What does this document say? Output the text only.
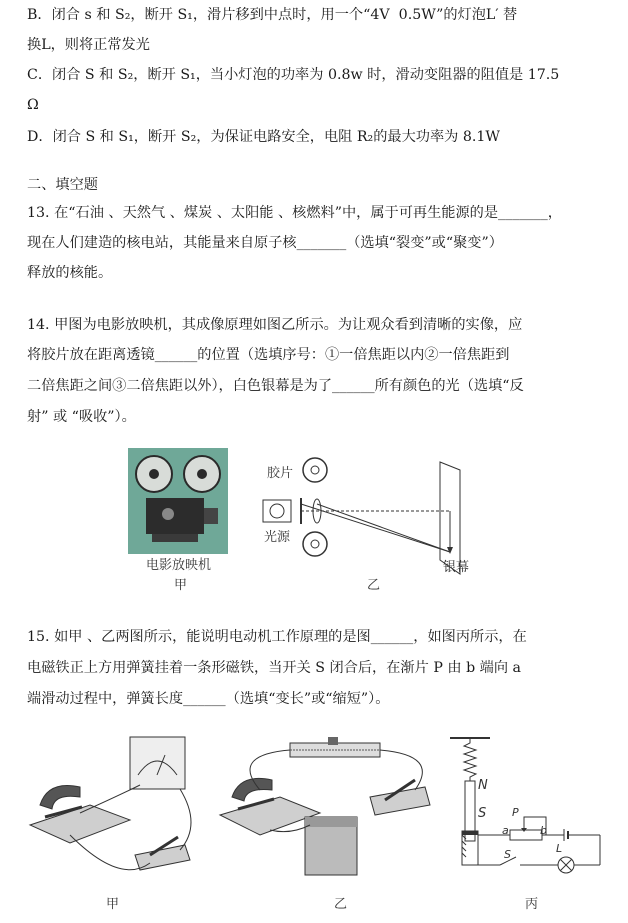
B．闭合 s 和 S₂，断开 S₁，滑片移到中点时，用一个“4V  0.5W”的灯泡L′ 替
换L，则将正常发光
C．闭合 S 和 S₂，断开 S₁，当小灯泡的功率为 0.8w 时，滑动变阻器的阻值是 17.5
Ω
D．闭合 S 和 S₁，断开 S₂，为保证电路安全，电阻 R₂的最大功率为 8.1W
二、填空题
13. 在“石油 、天然气 、煤炭 、太阳能 、核燃料”中，属于可再生能源的是_______，
现在人们建造的核电站，其能量来自原子核_______（选填“裂变”或“聚变”）
释放的核能。
14. 甲图为电影放映机，其成像原理如图乙所示。为让观众看到清晰的实像，应
将胶片放在距离透镜______的位置（选填序号：①一倍焦距以内②一倍焦距到
二倍焦距之间③二倍焦距以外），白色银幕是为了______所有颜色的光（选填“反
射” 或 “吸收”）。
电影放映机
甲
胶片
光源
银幕
乙
15. 如甲 、乙两图所示，能说明电动机工作原理的是图______，如图丙所示，在
电磁铁正上方用弹簧挂着一条形磁铁，当开关 S 闭合后，在渐片 P 由 b 端向 a
端滑动过程中，弹簧长度______（选填“变长”或“缩短”）。
甲	乙
N
S P
a	b
S	L
丙
